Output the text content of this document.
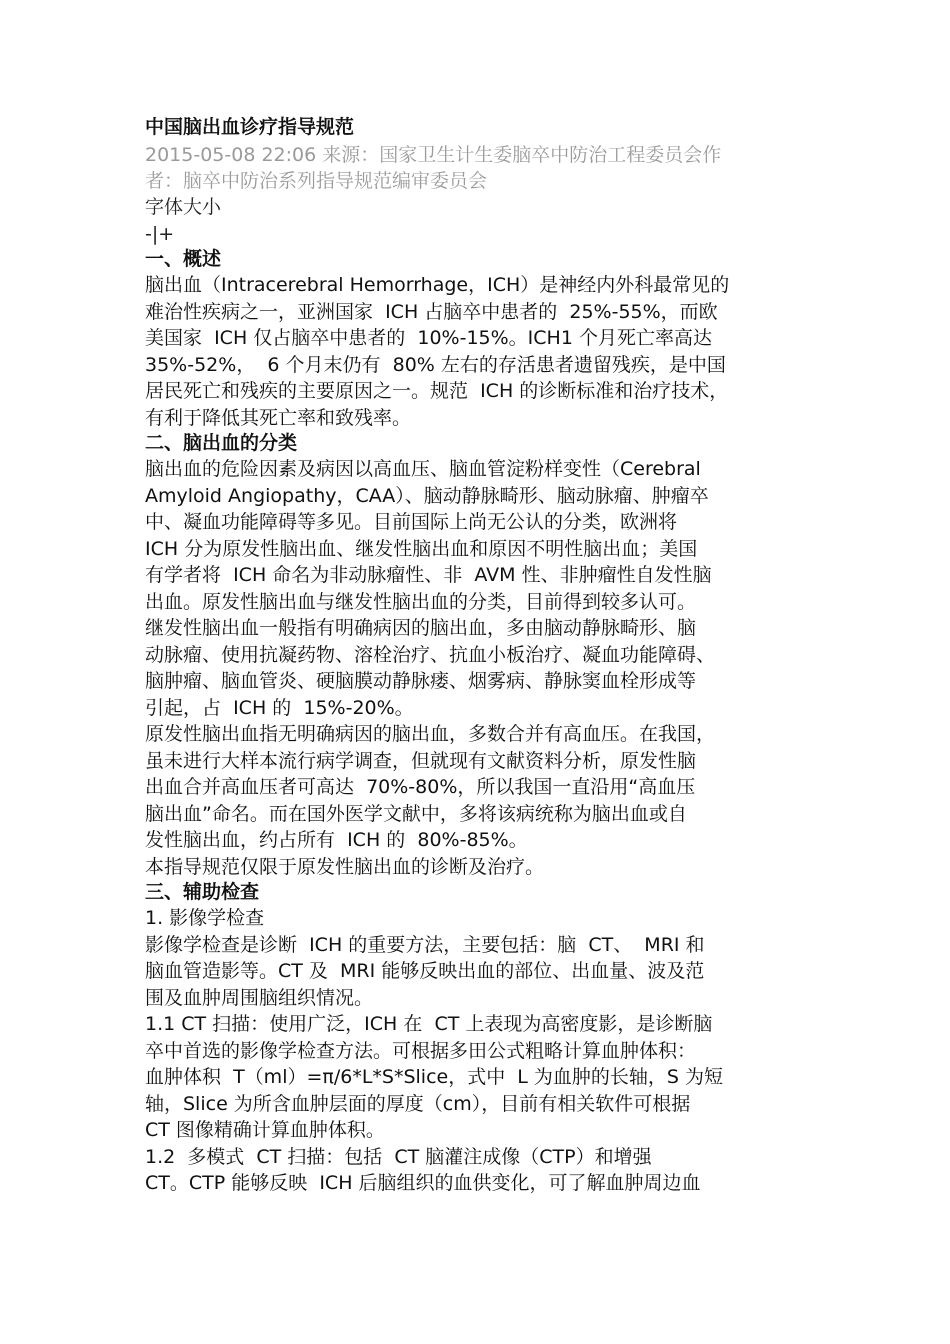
中国脑出血诊疗指导规范
2015-05-08 22:06 来源：国家卫生计生委脑卒中防治工程委员会作
者：脑卒中防治系列指导规范编审委员会
字体大小
-|+
一、概述
脑出血（Intracerebral Hemorrhage，ICH）是神经内外科最常见的
难治性疾病之一，亚洲国家  ICH 占脑卒中患者的  25%-55%，而欧
美国家  ICH 仅占脑卒中患者的  10%-15%。ICH1 个月死亡率高达
35%-52%，  6 个月末仍有  80% 左右的存活患者遗留残疾，是中国
居民死亡和残疾的主要原因之一。规范  ICH 的诊断标准和治疗技术，
有利于降低其死亡率和致残率。
二、脑出血的分类
脑出血的危险因素及病因以高血压、脑血管淀粉样变性（Cerebral
Amyloid Angiopathy，CAA）、脑动静脉畸形、脑动脉瘤、肿瘤卒
中、凝血功能障碍等多见。目前国际上尚无公认的分类，欧洲将
ICH 分为原发性脑出血、继发性脑出血和原因不明性脑出血；美国
有学者将  ICH 命名为非动脉瘤性、非  AVM 性、非肿瘤性自发性脑
出血。原发性脑出血与继发性脑出血的分类，目前得到较多认可。
继发性脑出血一般指有明确病因的脑出血，多由脑动静脉畸形、脑
动脉瘤、使用抗凝药物、溶栓治疗、抗血小板治疗、凝血功能障碍、
脑肿瘤、脑血管炎、硬脑膜动静脉瘘、烟雾病、静脉窦血栓形成等
引起，占  ICH 的  15%-20%。
原发性脑出血指无明确病因的脑出血，多数合并有高血压。在我国，
虽未进行大样本流行病学调查，但就现有文献资料分析，原发性脑
出血合并高血压者可高达  70%-80%，所以我国一直沿用“高血压
脑出血”命名。而在国外医学文献中，多将该病统称为脑出血或自
发性脑出血，约占所有  ICH 的  80%-85%。
本指导规范仅限于原发性脑出血的诊断及治疗。
三、辅助检查
1. 影像学检查
影像学检查是诊断  ICH 的重要方法，主要包括：脑  CT、  MRI 和
脑血管造影等。CT 及  MRI 能够反映出血的部位、出血量、波及范
围及血肿周围脑组织情况。
1.1 CT 扫描：使用广泛，ICH 在  CT 上表现为高密度影，是诊断脑
卒中首选的影像学检查方法。可根据多田公式粗略计算血肿体积：
血肿体积  T（ml）=π/6*L*S*Slice，式中  L 为血肿的长轴，S 为短
轴，Slice 为所含血肿层面的厚度（cm），目前有相关软件可根据
CT 图像精确计算血肿体积。
1.2  多模式  CT 扫描：包括  CT 脑灌注成像（CTP）和增强
CT。CTP 能够反映  ICH 后脑组织的血供变化，可了解血肿周边血
